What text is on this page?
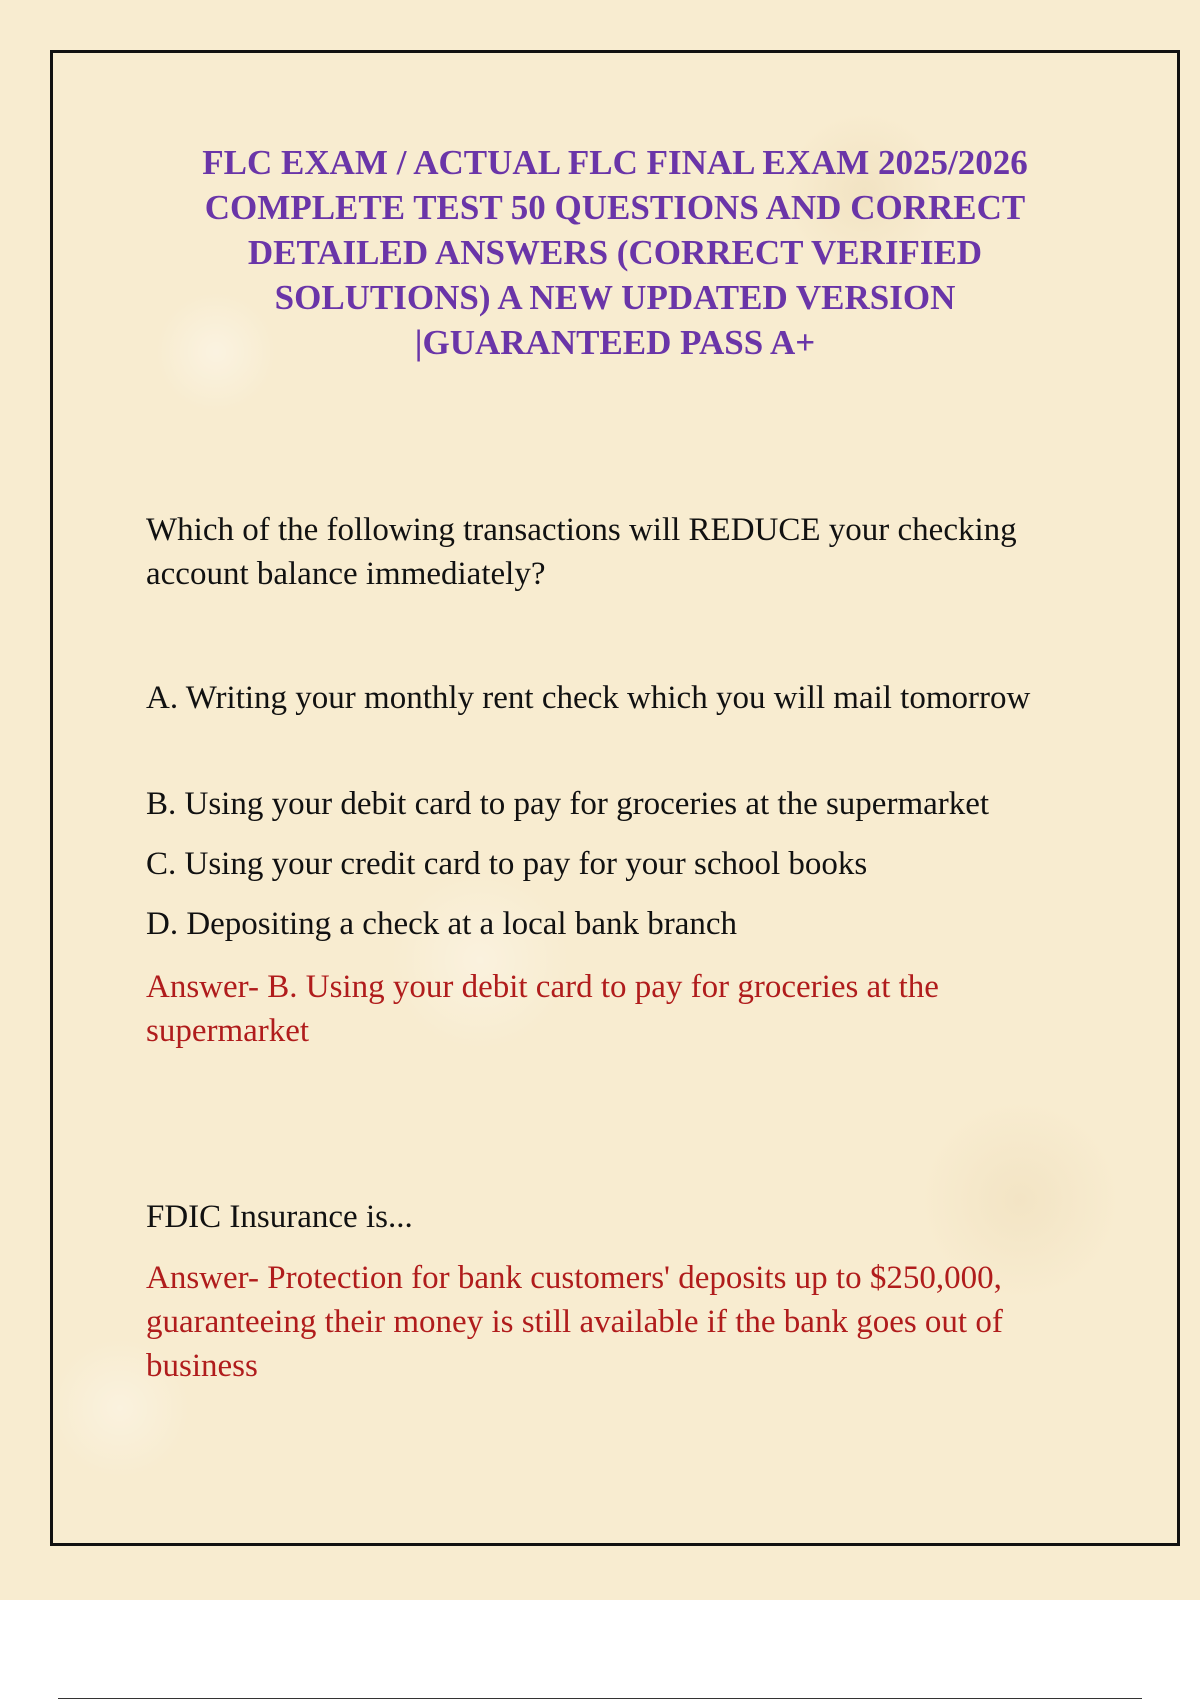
FLC EXAM / ACTUAL FLC FINAL EXAM 2025/2026
COMPLETE TEST 50 QUESTIONS AND CORRECT
DETAILED ANSWERS (CORRECT VERIFIED
SOLUTIONS) A NEW UPDATED VERSION
|GUARANTEED PASS A+

Which of the following transactions will REDUCE your checking account balance immediately?

A. Writing your monthly rent check which you will mail tomorrow

B. Using your debit card to pay for groceries at the supermarket

C. Using your credit card to pay for your school books

D. Depositing a check at a local bank branch

Answer- B. Using your debit card to pay for groceries at the supermarket

FDIC Insurance is...

Answer- Protection for bank customers' deposits up to $250,000, guaranteeing their money is still available if the bank goes out of business
